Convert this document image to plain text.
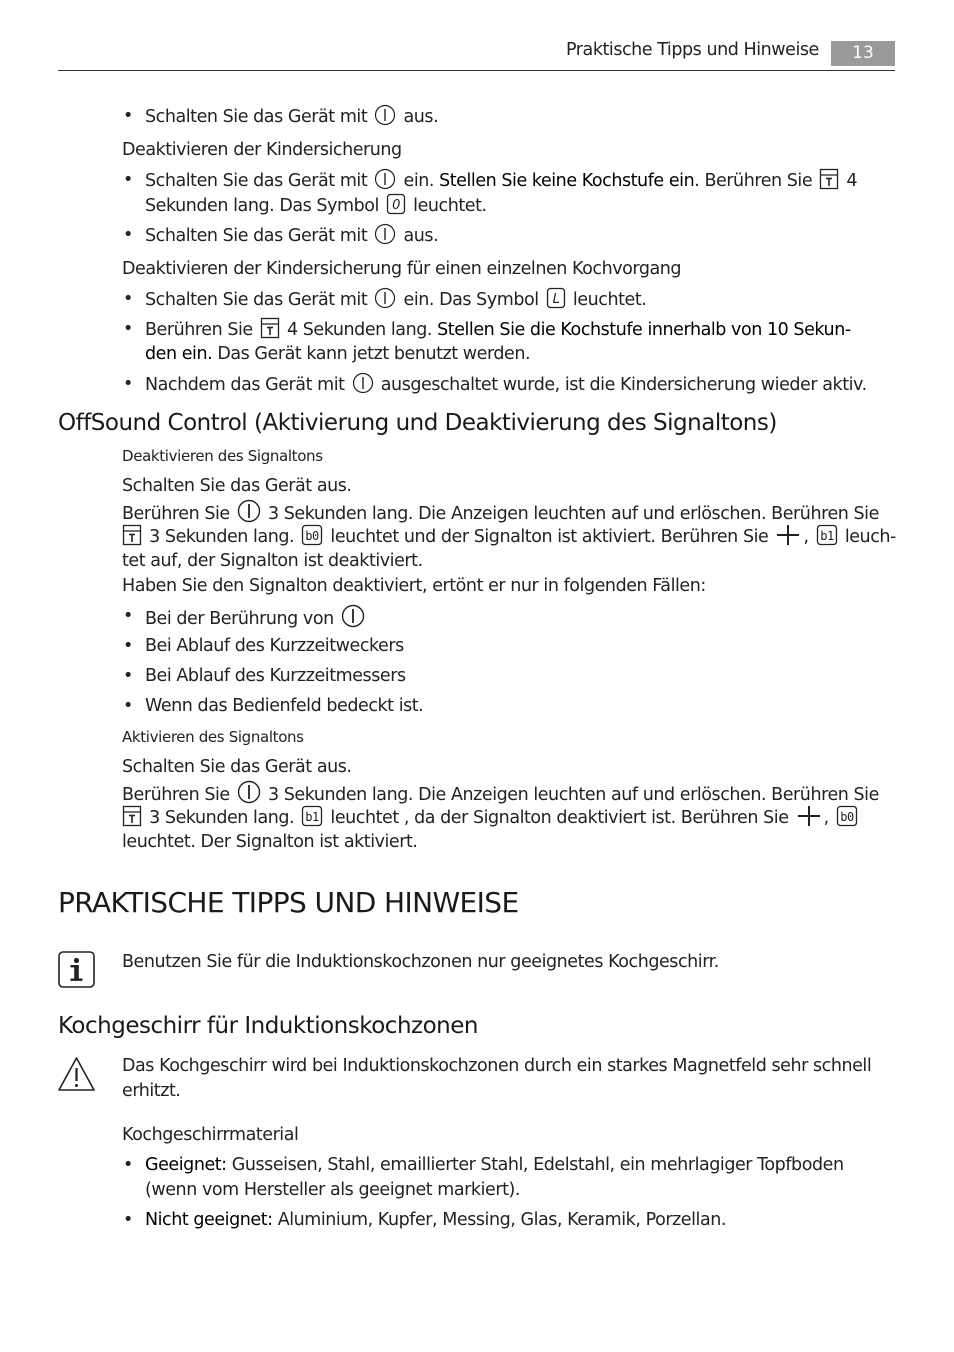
Praktische Tipps und Hinweise	13
• Schalten Sie das Gerät mit aus.
Deaktivieren der Kindersicherung
• Schalten Sie das Gerät mit ein. Stellen Sie keine Kochstufe ein. Berühren Sie 4
Sekunden lang. Das Symbol 0 leuchtet.
• Schalten Sie das Gerät mit aus.
Deaktivieren der Kindersicherung für einen einzelnen Kochvorgang
• Schalten Sie das Gerät mit ein. Das Symbol L leuchtet.
• Berühren Sie 4 Sekunden lang. Stellen Sie die Kochstufe innerhalb von 10 Sekun-
den ein. Das Gerät kann jetzt benutzt werden.
• Nachdem das Gerät mit ausgeschaltet wurde, ist die Kindersicherung wieder aktiv.
OffSound Control (Aktivierung und Deaktivierung des Signaltons)
Deaktivieren des Signaltons
Schalten Sie das Gerät aus.
Berühren Sie 3 Sekunden lang. Die Anzeigen leuchten auf und erlöschen. Berühren Sie
3 Sekunden lang. b0 leuchtet und der Signalton ist aktiviert. Berühren Sie , b1 leuch-
tet auf, der Signalton ist deaktiviert.
Haben Sie den Signalton deaktiviert, ertönt er nur in folgenden Fällen:
• Bei der Berührung von
• Bei Ablauf des Kurzzeitweckers
• Bei Ablauf des Kurzzeitmessers
• Wenn das Bedienfeld bedeckt ist.
Aktivieren des Signaltons
Schalten Sie das Gerät aus.
Berühren Sie 3 Sekunden lang. Die Anzeigen leuchten auf und erlöschen. Berühren Sie
3 Sekunden lang. b1 leuchtet , da der Signalton deaktiviert ist. Berühren Sie , b0
leuchtet. Der Signalton ist aktiviert.
PRAKTISCHE TIPPS UND HINWEISE
Benutzen Sie für die Induktionskochzonen nur geeignetes Kochgeschirr.
Kochgeschirr für Induktionskochzonen
Das Kochgeschirr wird bei Induktionskochzonen durch ein starkes Magnetfeld sehr schnell
erhitzt.
Kochgeschirrmaterial
• Geeignet: Gusseisen, Stahl, emaillierter Stahl, Edelstahl, ein mehrlagiger Topfboden
(wenn vom Hersteller als geeignet markiert).
• Nicht geeignet: Aluminium, Kupfer, Messing, Glas, Keramik, Porzellan.
